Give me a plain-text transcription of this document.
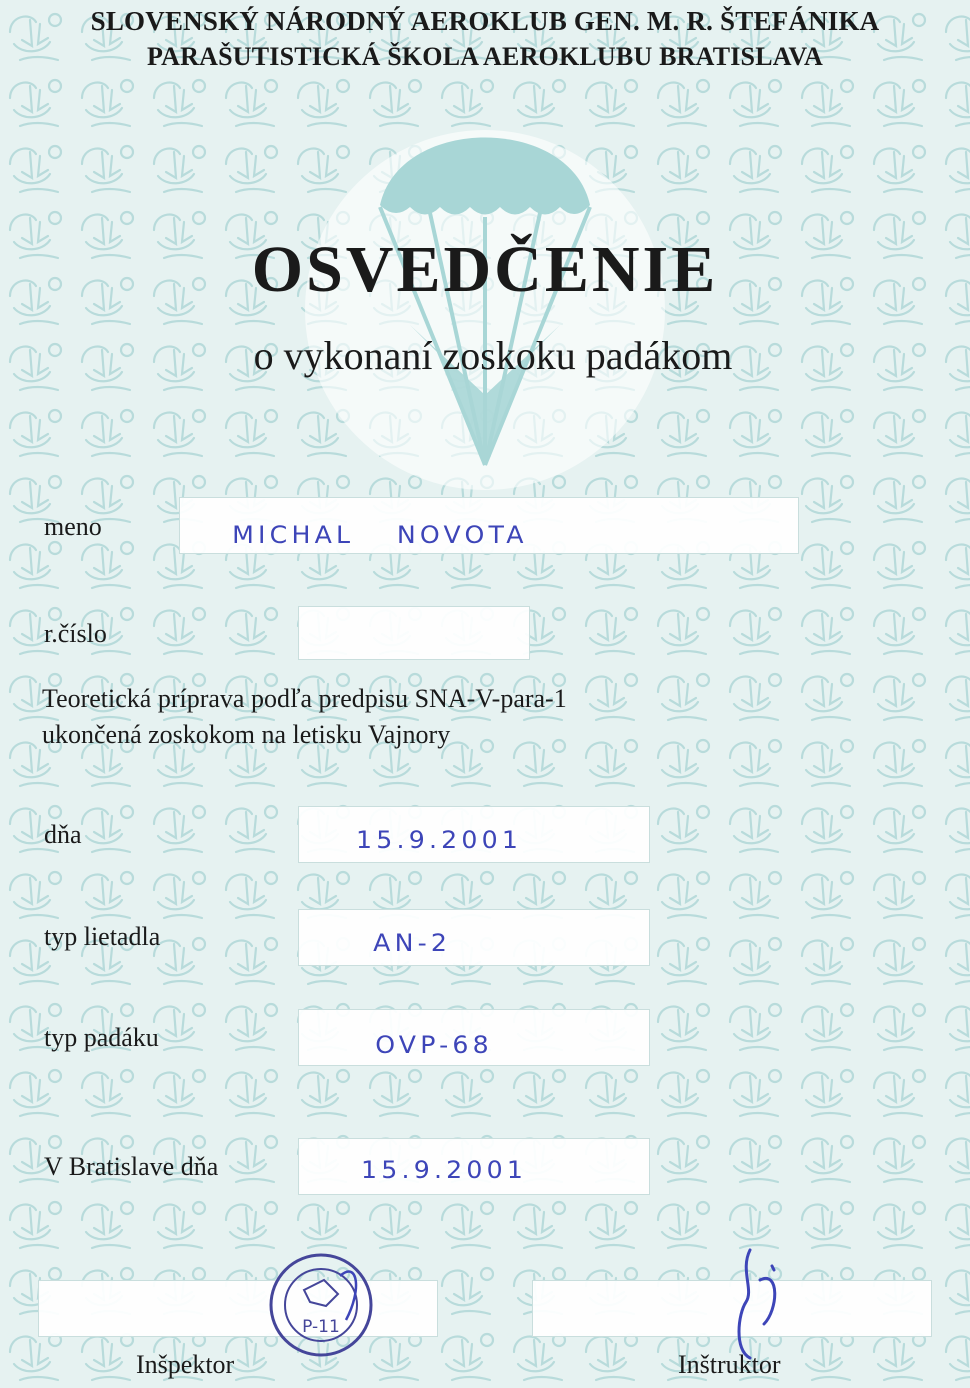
SLOVENSKÝ NÁRODNÝ AEROKLUB GEN. M. R. ŠTEFÁNIKA
PARAŠUTISTICKÁ ŠKOLA AEROKLUBU BRATISLAVA
OSVEDČENIE
o vykonaní zoskoku padákom
meno	MICHAL NOVOTA
r.číslo
Teoretická príprava podľa predpisu SNA-V-para-1
ukončená zoskokom na letisku Vajnory
dňa	15.9.2001
typ lietadla	AN-2
typ padáku	OVP-68
V Bratislave dňa	15.9.2001
P-11
Inšpektor	Inštruktor
